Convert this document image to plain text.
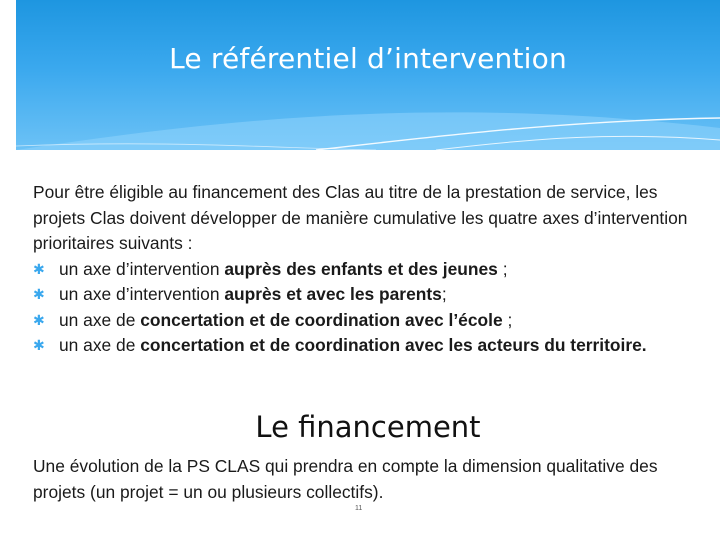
Le référentiel d’intervention

Pour être éligible au financement des Clas au titre de la prestation de service, les projets Clas doivent développer de manière cumulative les quatre axes d’intervention prioritaires suivants :

✱ un axe d’intervention auprès des enfants et des jeunes ;
✱ un axe d’intervention auprès et avec les parents;
✱ un axe de concertation et de coordination avec l’école ;
✱ un axe de concertation et de coordination avec les acteurs du territoire.
Le financement

Une évolution de la PS CLAS qui prendra en compte la dimension qualitative des projets (un projet = un ou plusieurs collectifs).

11
